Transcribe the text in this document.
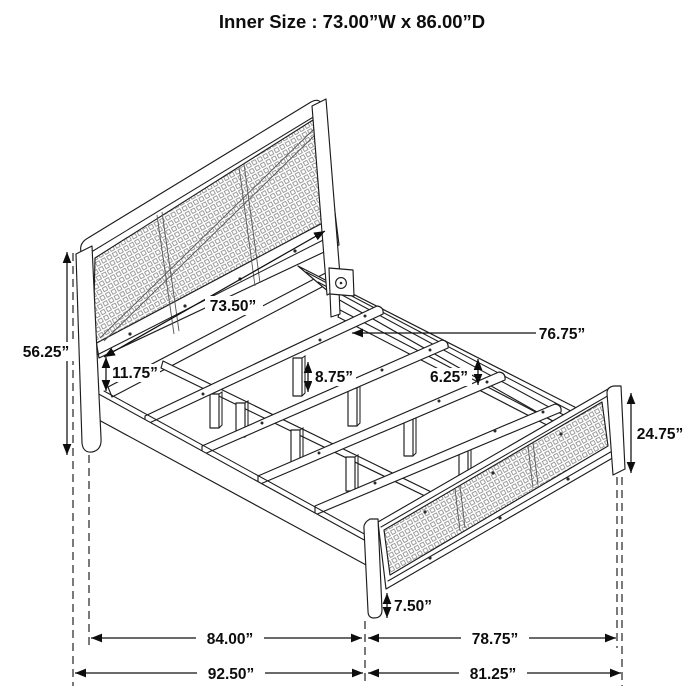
Inner Size : 73.00”W x 86.00”D
73.50”
56.25”
11.75”	8.75”	6.25”
76.75”
24.75”
7.50”
84.00”
92.50”
78.75”
81.25”
